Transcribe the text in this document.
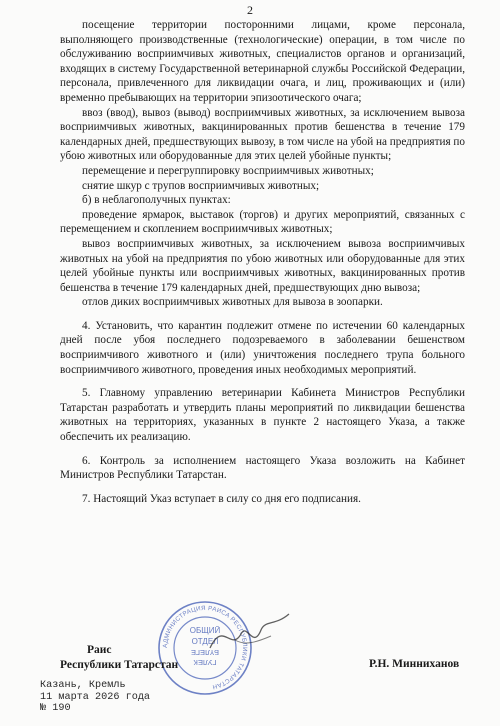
2

посещение территории посторонними лицами, кроме персонала, выполняющего производственные (технологические) операции, в том числе по обслуживанию восприимчивых животных, специалистов органов и организаций, входящих в систему Государственной ветеринарной службы Российской Федерации, персонала, привлеченного для ликвидации очага, и лиц, проживающих и (или) временно пребывающих на территории эпизоотического очага;

ввоз (ввод), вывоз (вывод) восприимчивых животных, за исключением вывоза восприимчивых животных, вакцинированных против бешенства в течение 179 календарных дней, предшествующих вывозу, в том числе на убой на предприятия по убою животных или оборудованные для этих целей убойные пункты;

перемещение и перегруппировку восприимчивых животных;

снятие шкур с трупов восприимчивых животных;

б) в неблагополучных пунктах:

проведение ярмарок, выставок (торгов) и других мероприятий, связанных с перемещением и скоплением восприимчивых животных;

вывоз восприимчивых животных, за исключением вывоза восприимчивых животных на убой на предприятия по убою животных или оборудованные для этих целей убойные пункты или восприимчивых животных, вакцинированных против бешенства в течение 179 календарных дней, предшествующих дню вывоза;

отлов диких восприимчивых животных для вывоза в зоопарки.

4. Установить, что карантин подлежит отмене по истечении 60 календарных дней после убоя последнего подозреваемого в заболевании бешенством восприимчивого животного и (или) уничтожения последнего трупа больного восприимчивого животного, проведения иных необходимых мероприятий.

5. Главному управлению ветеринарии Кабинета Министров Республики Татарстан разработать и утвердить планы мероприятий по ликвидации бешенства животных на территориях, указанных в пункте 2 настоящего Указа, а также обеспечить их реализацию.

6. Контроль за исполнением настоящего Указа возложить на Кабинет Министров Республики Татарстан.

7. Настоящий Указ вступает в силу со дня его подписания.

АДМИНИСТРАЦИЯ РАИСА РЕСПУБЛИКИ ТАТАРСТАН
ОБЩИЙ
ОТДЕЛ
ГУЛЕК
БҮЛЕГЕ
Раис
Республики Татарстан	Р.Н. Минниханов
Казань, Кремль
11 марта 2026 года
№ 190
